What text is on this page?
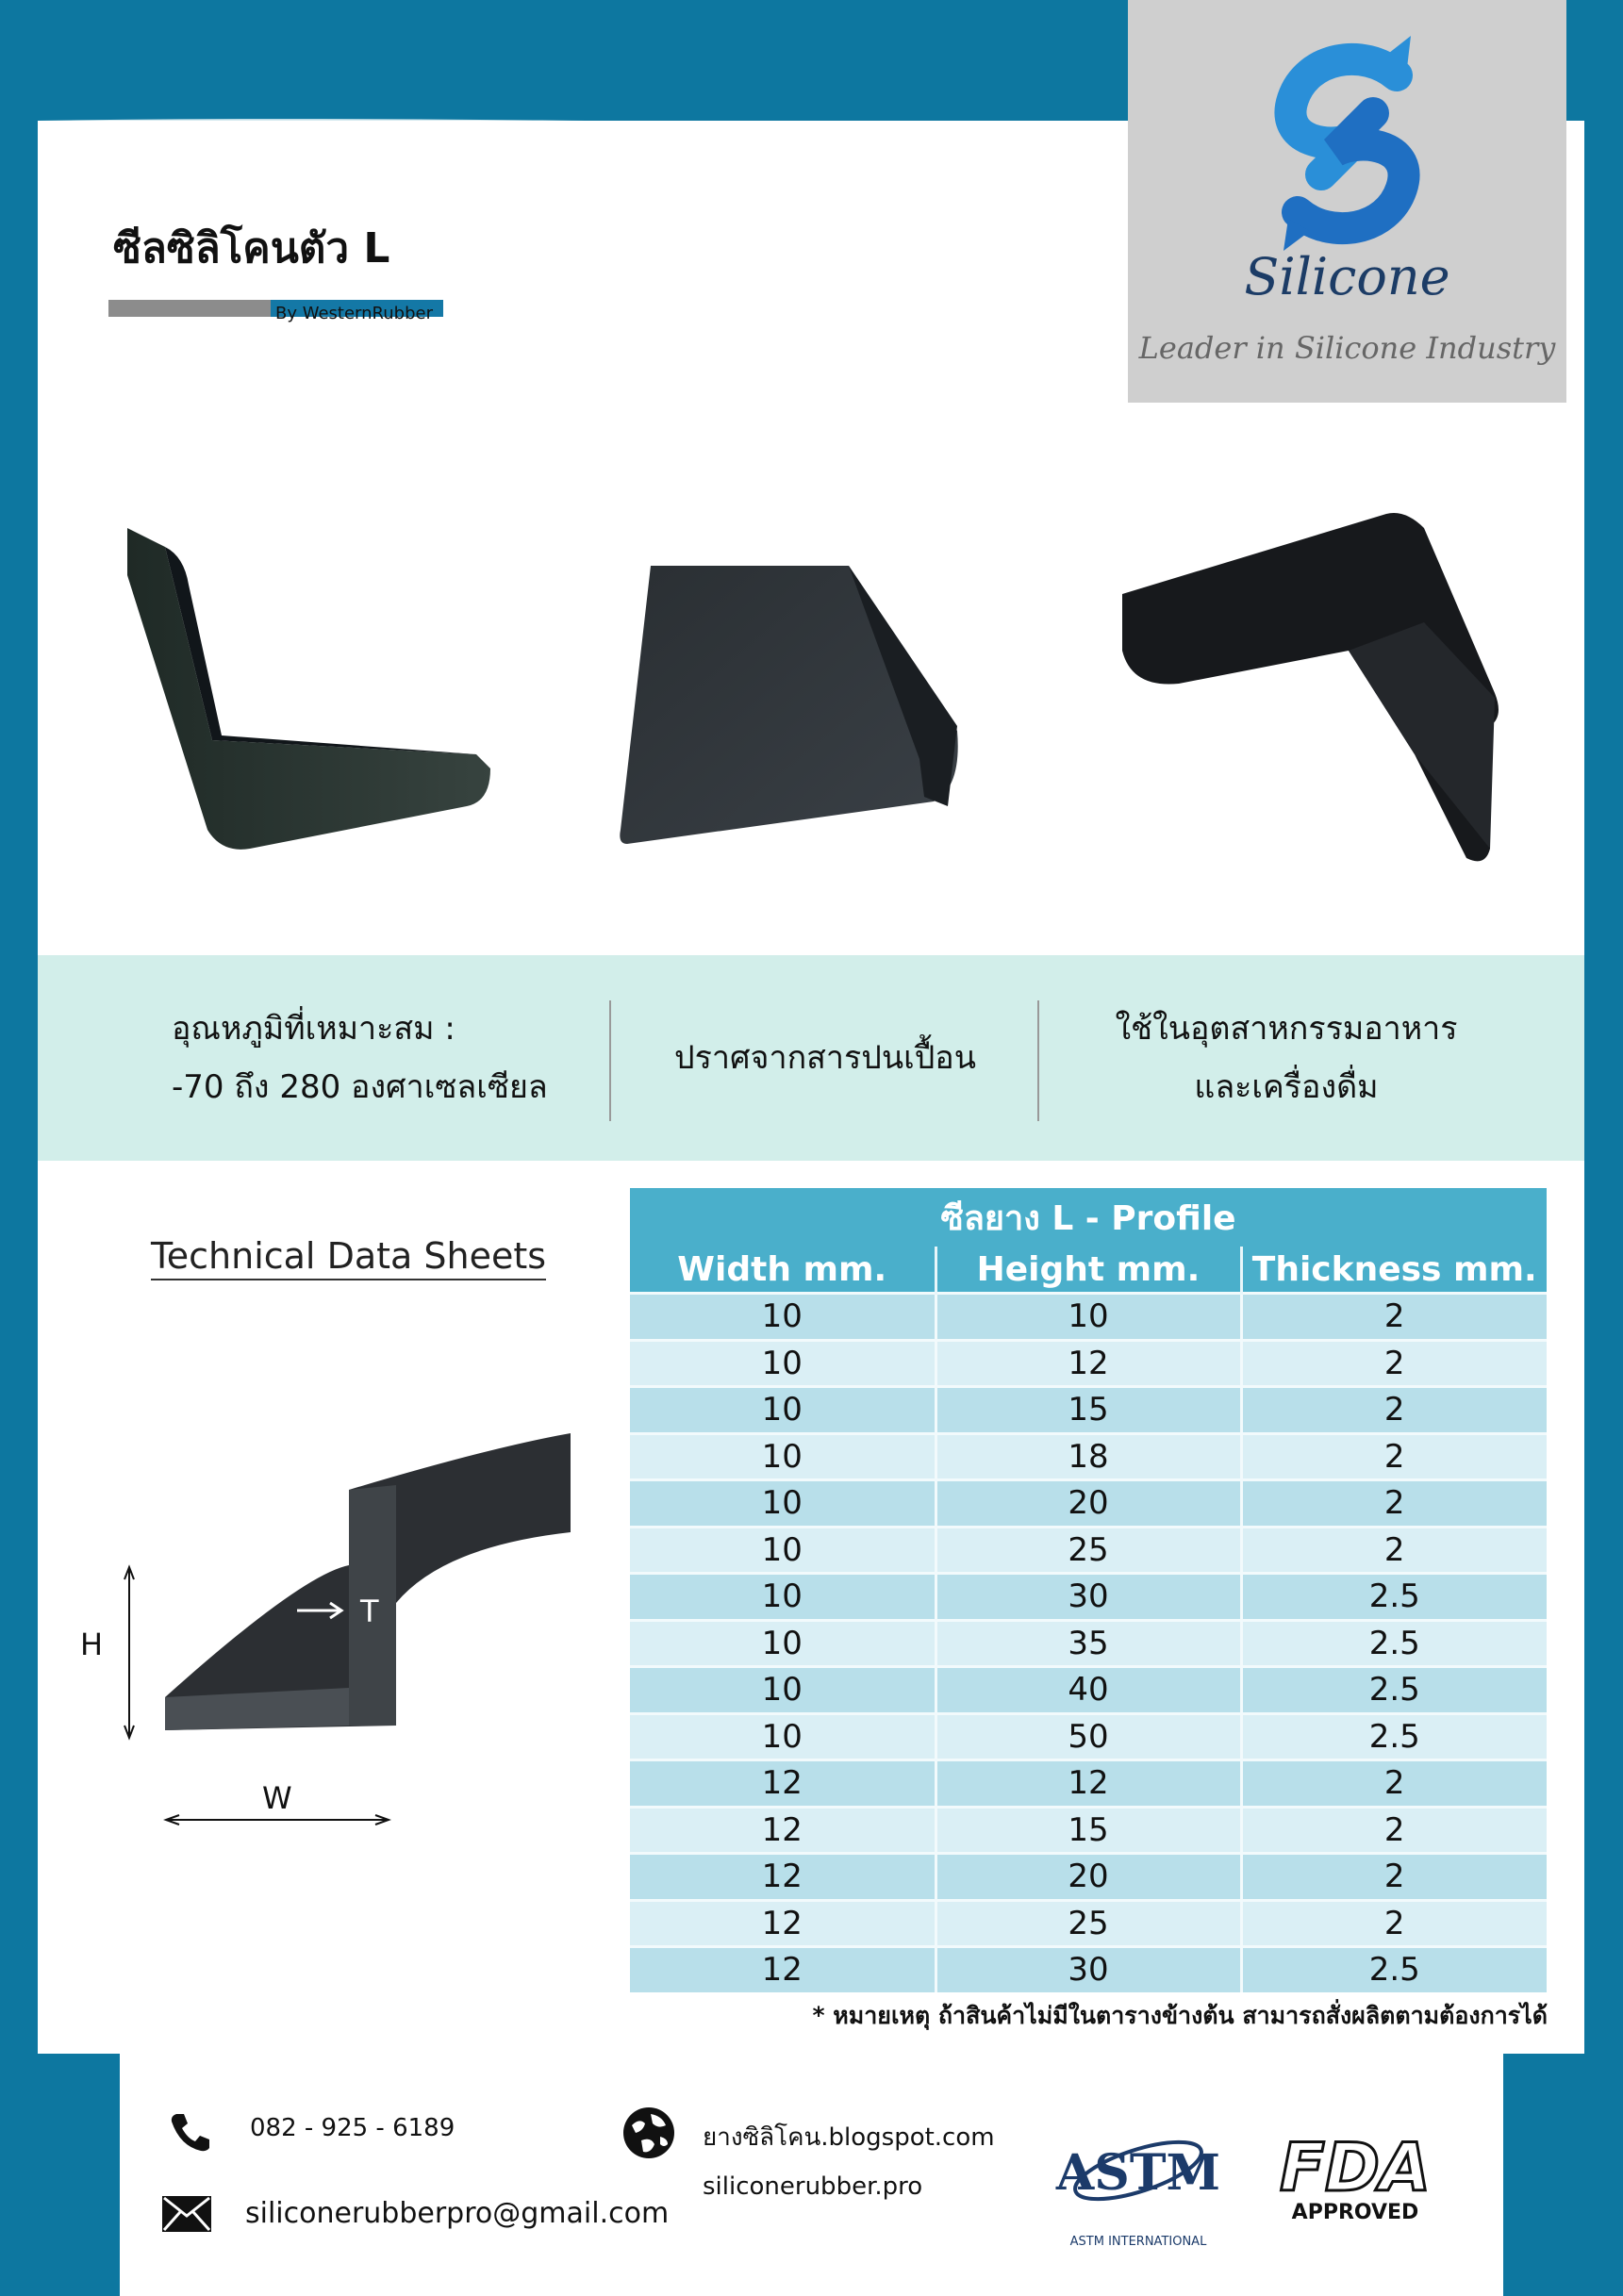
Silicone
Leader in Silicone Industry
ซีลซิลิโคนตัว L
By WesternRubber
อุณหภูมิที่เหมาะสม :
-70 ถึง 280 องศาเซลเซียล
ปราศจากสารปนเปื้อน
ใช้ในอุตสาหกรรมอาหาร
และเครื่องดื่ม
Technical Data Sheets
H
W
T
ซีลยาง L - Profile		
Width mm.	Height mm.	Thickness mm.
10	10	2
10	12	2
10	15	2
10	18	2
10	20	2
10	25	2
10	30	2.5
10	35	2.5
10	40	2.5
10	50	2.5
12	12	2
12	15	2
12	20	2
12	25	2
12	30	2.5
* หมายเหตุ ถ้าสินค้าไม่มีในตารางข้างต้น สามารถสั่งผลิตตามต้องการได้
082 - 925 - 6189
siliconerubberpro@gmail.com
ยางซิลิโคน.blogspot.com
siliconerubber.pro	ASTM
ASTM INTERNATIONAL
FDA
APPROVED
